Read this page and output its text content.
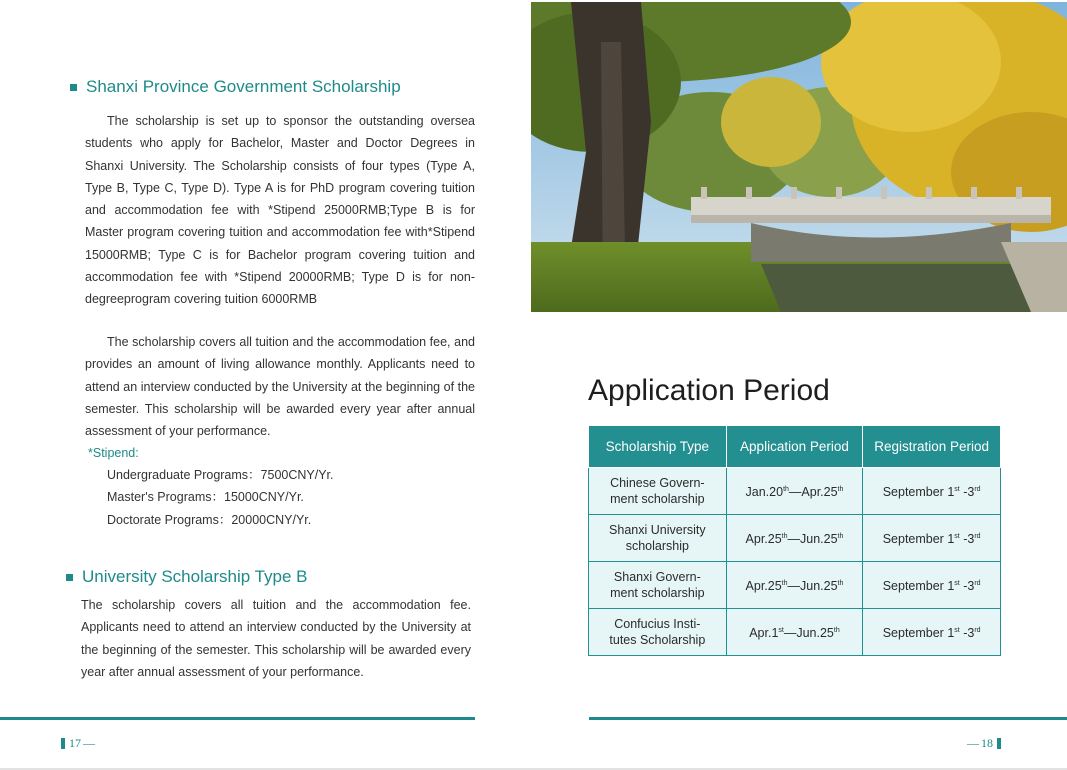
Shanxi Province Government Scholarship

The scholarship is set up to sponsor the outstanding oversea students who apply for Bachelor, Master and Doctor Degrees in Shanxi University. The Scholarship consists of four types (Type A, Type B, Type C, Type D). Type A is for PhD program covering tuition and accommodation fee with *Stipend 25000RMB;Type B is for Master program covering tuition and accommodation fee with*Stipend 15000RMB; Type C is for Bachelor program covering tuition and accommodation fee with *Stipend 20000RMB; Type D is for non-degreeprogram covering tuition 6000RMB

The scholarship covers all tuition and the accommodation fee, and provides an amount of living allowance monthly. Applicants need to attend an interview conducted by the University at the beginning of the semester. This scholarship will be awarded every year after annual assessment of your performance.

*Stipend:
Undergraduate Programs：7500CNY/Yr.
Master's Programs：15000CNY/Yr.
Doctorate Programs：20000CNY/Yr.
University Scholarship Type B

The scholarship covers all tuition and the accommodation fee. Applicants need to attend an interview conducted by the University at the beginning of the semester. This scholarship will be awarded every year after annual assessment of your performance.

17 —
Application Period
Scholarship Type	Application Period	Registration Period
Chinese Govern-
ment scholarship	Jan.20th—Apr.25th	September 1st -3rd
Shanxi University
scholarship	Apr.25th—Jun.25th	September 1st -3rd
Shanxi Govern-
ment scholarship	Apr.25th—Jun.25th	September 1st -3rd
Confucius Insti-
tutes Scholarship	Apr.1st—Jun.25th	September 1st -3rd
— 18
